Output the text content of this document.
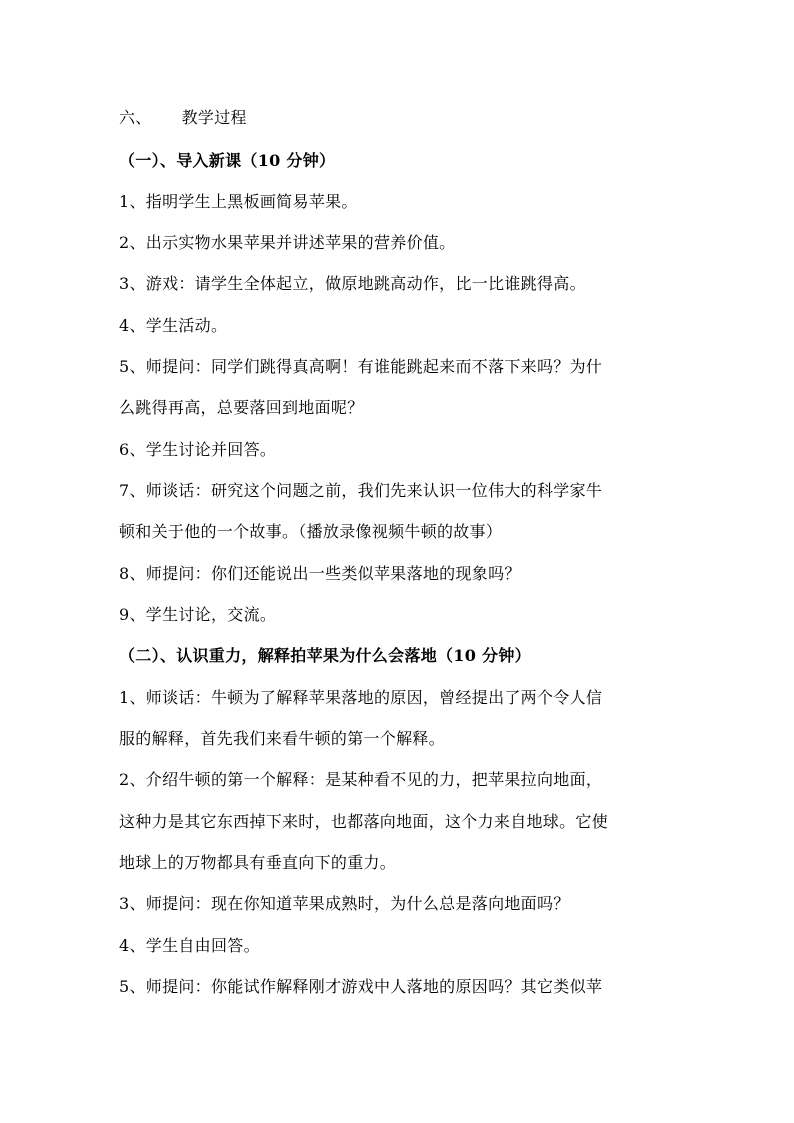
六、 教学过程
（一）、导入新课（10 分钟）
1、指明学生上黑板画简易苹果。
2、出示实物水果苹果并讲述苹果的营养价值。
3、游戏：请学生全体起立，做原地跳高动作，比一比谁跳得高。
4、学生活动。
5、师提问：同学们跳得真高啊！有谁能跳起来而不落下来吗？为什
么跳得再高，总要落回到地面呢？
6、学生讨论并回答。
7、师谈话：研究这个问题之前，我们先来认识一位伟大的科学家牛
顿和关于他的一个故事。（播放录像视频牛顿的故事）
8、师提问：你们还能说出一些类似苹果落地的现象吗？
9、学生讨论，交流。
（二）、认识重力，解释拍苹果为什么会落地（10 分钟）
1、师谈话：牛顿为了解释苹果落地的原因，曾经提出了两个令人信
服的解释，首先我们来看牛顿的第一个解释。
2、介绍牛顿的第一个解释：是某种看不见的力，把苹果拉向地面，
这种力是其它东西掉下来时，也都落向地面，这个力来自地球。它使
地球上的万物都具有垂直向下的重力。
3、师提问：现在你知道苹果成熟时，为什么总是落向地面吗？
4、学生自由回答。
5、师提问：你能试作解释刚才游戏中人落地的原因吗？其它类似苹
